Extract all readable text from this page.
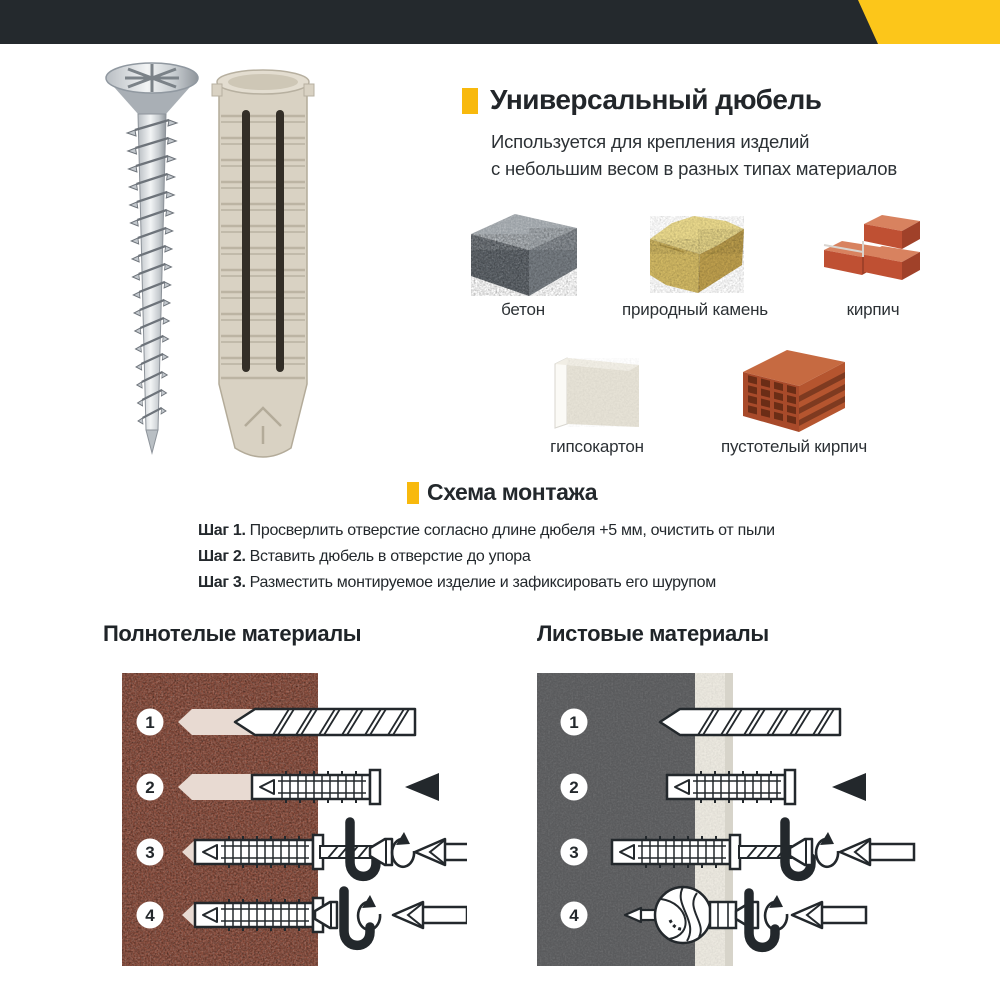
Универсальный дюбель
Используется для крепления изделий
с небольшим весом в разных типах материалов
бетон	природный камень	кирпич
гипсокартон	пустотелый кирпич
Схема монтажа
Шаг 1. Просверлить отверстие согласно длине дюбеля +5 мм, очистить от пыли
Шаг 2. Вставить дюбель в отверстие до упора
Шаг 3. Разместить монтируемое изделие и зафиксировать его шурупом
Полнотелые материалы	Листовые материалы
1
2
3
4
1
2
3
4
